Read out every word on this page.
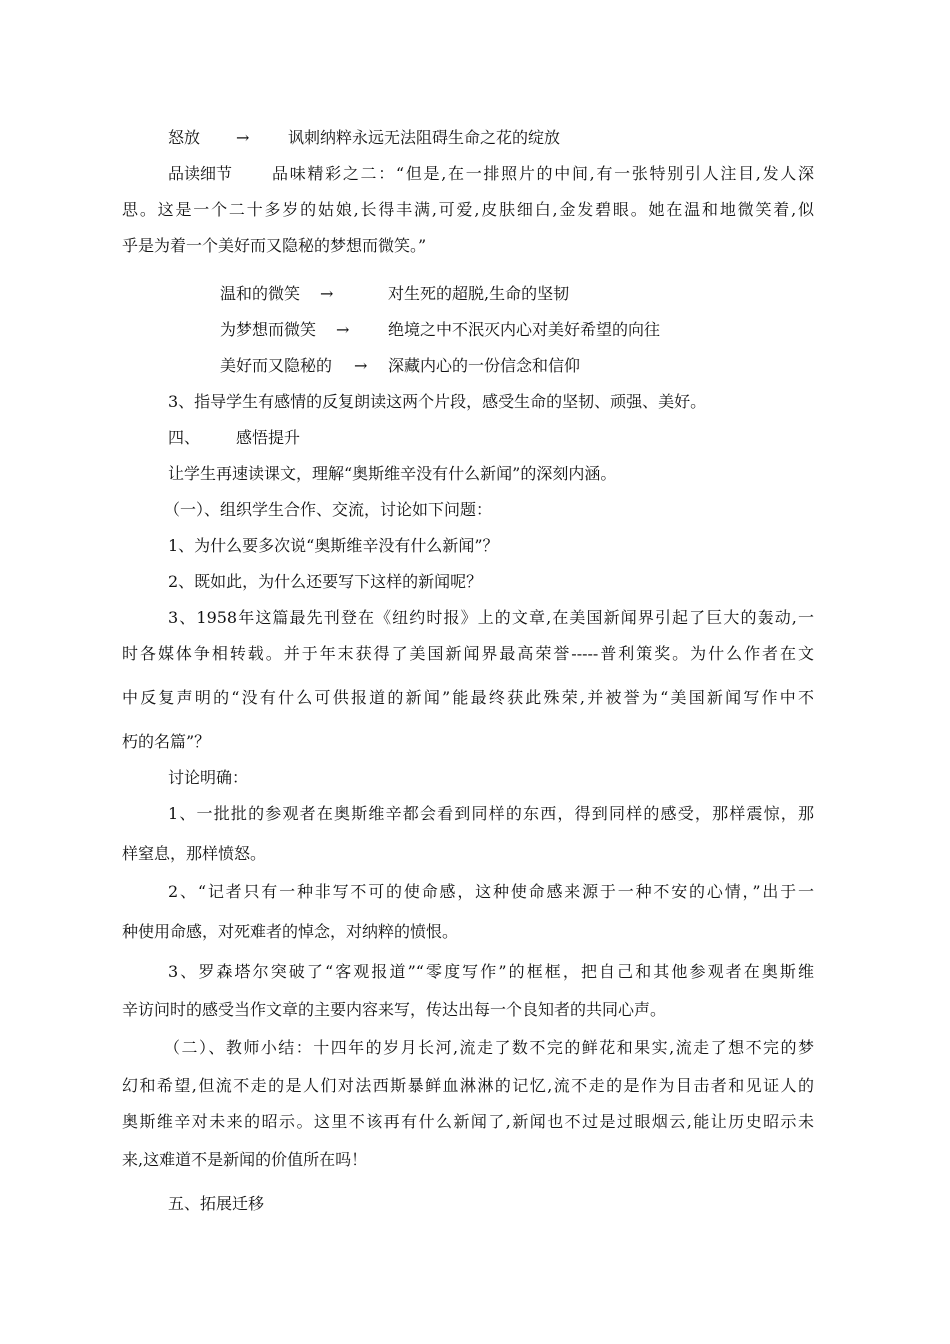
怒放 → 讽刺纳粹永远无法阻碍生命之花的绽放
品读细节 品味精彩之二：“但是,在一排照片的中间,有一张特别引人注目,发人深
思。这是一个二十多岁的姑娘,长得丰满,可爱,皮肤细白,金发碧眼。她在温和地微笑着,似
乎是为着一个美好而又隐秘的梦想而微笑。”
温和的微笑 →	对生死的超脱,生命的坚韧
为梦想而微笑 → 绝境之中不泯灭内心对美好希望的向往
美好而又隐秘的 → 深藏内心的一份信念和信仰
3、指导学生有感情的反复朗读这两个片段，感受生命的坚韧、顽强、美好。
四、 感悟提升
让学生再速读课文，理解“奥斯维辛没有什么新闻”的深刻内涵。
（一）、组织学生合作、交流，讨论如下问题：
1、为什么要多次说“奥斯维辛没有什么新闻”？
2、既如此，为什么还要写下这样的新闻呢？
3、1958年这篇最先刊登在《纽约时报》上的文章,在美国新闻界引起了巨大的轰动,一
时各媒体争相转载。并于年末获得了美国新闻界最高荣誉-----普利策奖。为什么作者在文
中反复声明的“没有什么可供报道的新闻”能最终获此殊荣,并被誉为“美国新闻写作中不
朽的名篇”？
讨论明确：
1、一批批的参观者在奥斯维辛都会看到同样的东西，得到同样的感受，那样震惊，那
样窒息，那样愤怒。
2、“记者只有一种非写不可的使命感，这种使命感来源于一种不安的心情，”出于一
种使用命感，对死难者的悼念，对纳粹的愤恨。
3、罗森塔尔突破了“客观报道”“零度写作”的框框，把自己和其他参观者在奥斯维
辛访问时的感受当作文章的主要内容来写，传达出每一个良知者的共同心声。
（二）、教师小结：十四年的岁月长河,流走了数不完的鲜花和果实,流走了想不完的梦
幻和希望,但流不走的是人们对法西斯暴鲜血淋淋的记忆,流不走的是作为目击者和见证人的
奥斯维辛对未来的昭示。这里不该再有什么新闻了,新闻也不过是过眼烟云,能让历史昭示未
来,这难道不是新闻的价值所在吗！
五、拓展迁移
